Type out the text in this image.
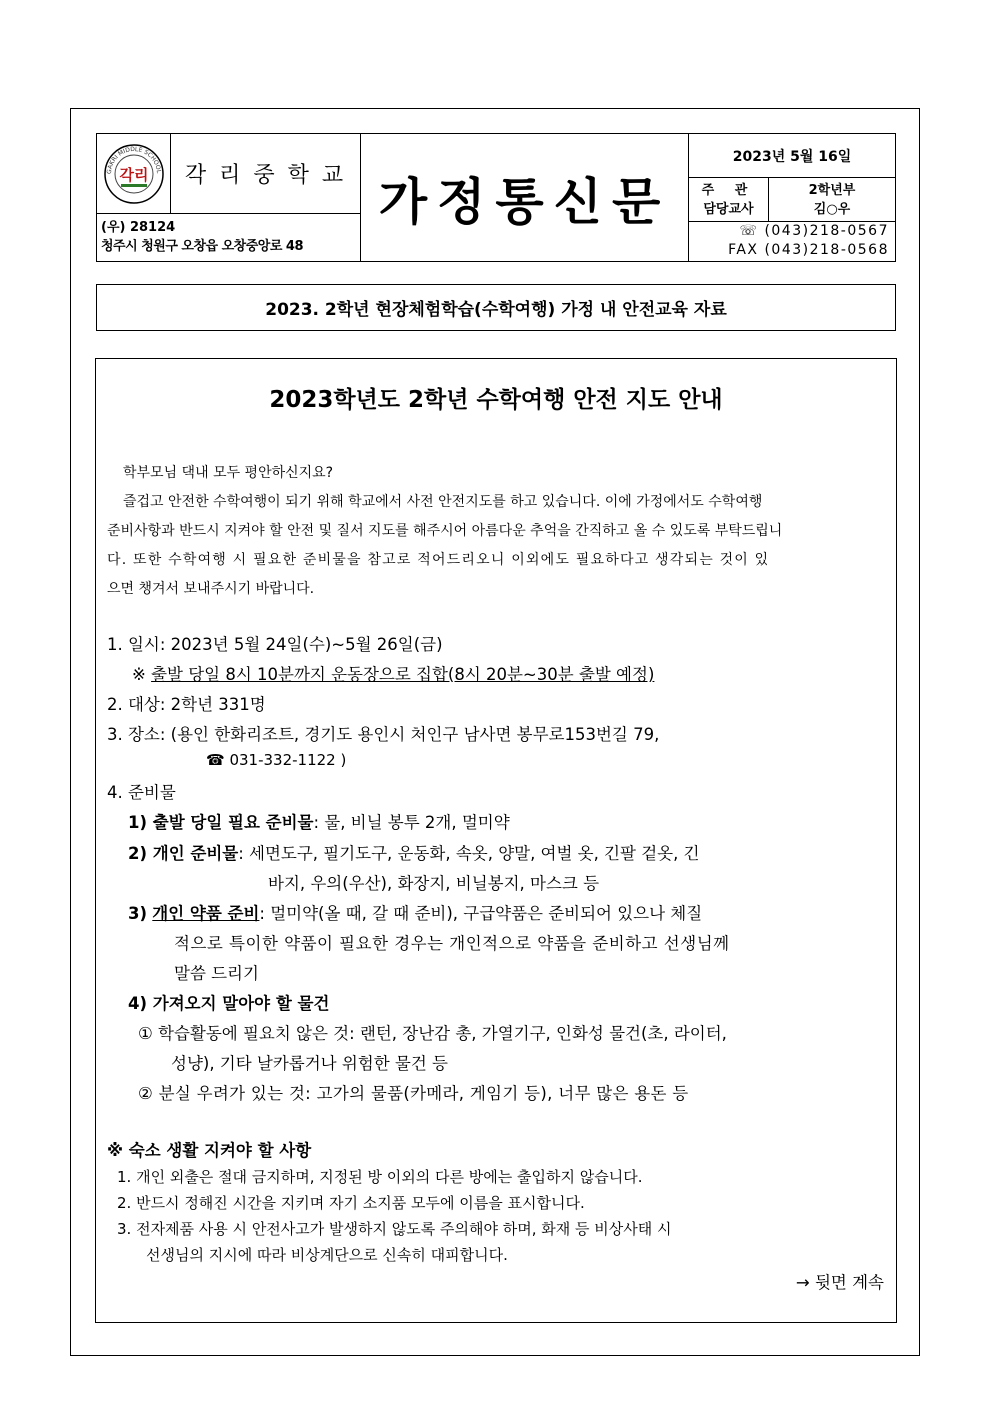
GAKRI MIDDLE SCHOOL
각리	각 리 중 학 교
(우) 28124
청주시 청원구 오창읍 오창중앙로 48
가정통신문
2023년 5월 16일
주 관
담당교사
2학년부
김○우
☏ (043)218-0567
FAX (043)218-0568
2023. 2학년 현장체험학습(수학여행) 가정 내 안전교육 자료
2023학년도 2학년 수학여행 안전 지도 안내
학부모님 댁내 모두 평안하신지요?
즐겁고 안전한 수학여행이 되기 위해 학교에서 사전 안전지도를 하고 있습니다. 이에 가정에서도 수학여행
준비사항과 반드시 지켜야 할 안전 및 질서 지도를 해주시어 아름다운 추억을 간직하고 올 수 있도록 부탁드립니
다. 또한 수학여행 시 필요한 준비물을 참고로 적어드리오니 이외에도 필요하다고 생각되는 것이 있
으면 챙겨서 보내주시기 바랍니다.
1. 일시: 2023년 5월 24일(수)~5월 26일(금)
※ 출발 당일 8시 10분까지 운동장으로 집합(8시 20분~30분 출발 예정)
2. 대상: 2학년 331명
3. 장소: (용인 한화리조트, 경기도 용인시 처인구 남사면 봉무로153번길 79,
☎ 031-332-1122 )
4. 준비물
1) 출발 당일 필요 준비물: 물, 비닐 봉투 2개, 멀미약
2) 개인 준비물: 세면도구, 필기도구, 운동화, 속옷, 양말, 여벌 옷, 긴팔 겉옷, 긴
바지, 우의(우산), 화장지, 비닐봉지, 마스크 등
3) 개인 약품 준비: 멀미약(올 때, 갈 때 준비), 구급약품은 준비되어 있으나 체질
적으로 특이한 약품이 필요한 경우는 개인적으로 약품을 준비하고 선생님께
말씀 드리기
4) 가져오지 말아야 할 물건
① 학습활동에 필요치 않은 것: 랜턴, 장난감 총, 가열기구, 인화성 물건(초, 라이터,
성냥), 기타 날카롭거나 위험한 물건 등
② 분실 우려가 있는 것: 고가의 물품(카메라, 게임기 등), 너무 많은 용돈 등
※ 숙소 생활 지켜야 할 사항
1. 개인 외출은 절대 금지하며, 지정된 방 이외의 다른 방에는 출입하지 않습니다.
2. 반드시 정해진 시간을 지키며 자기 소지품 모두에 이름을 표시합니다.
3. 전자제품 사용 시 안전사고가 발생하지 않도록 주의해야 하며, 화재 등 비상사태 시
선생님의 지시에 따라 비상계단으로 신속히 대피합니다.
→ 뒷면 계속
